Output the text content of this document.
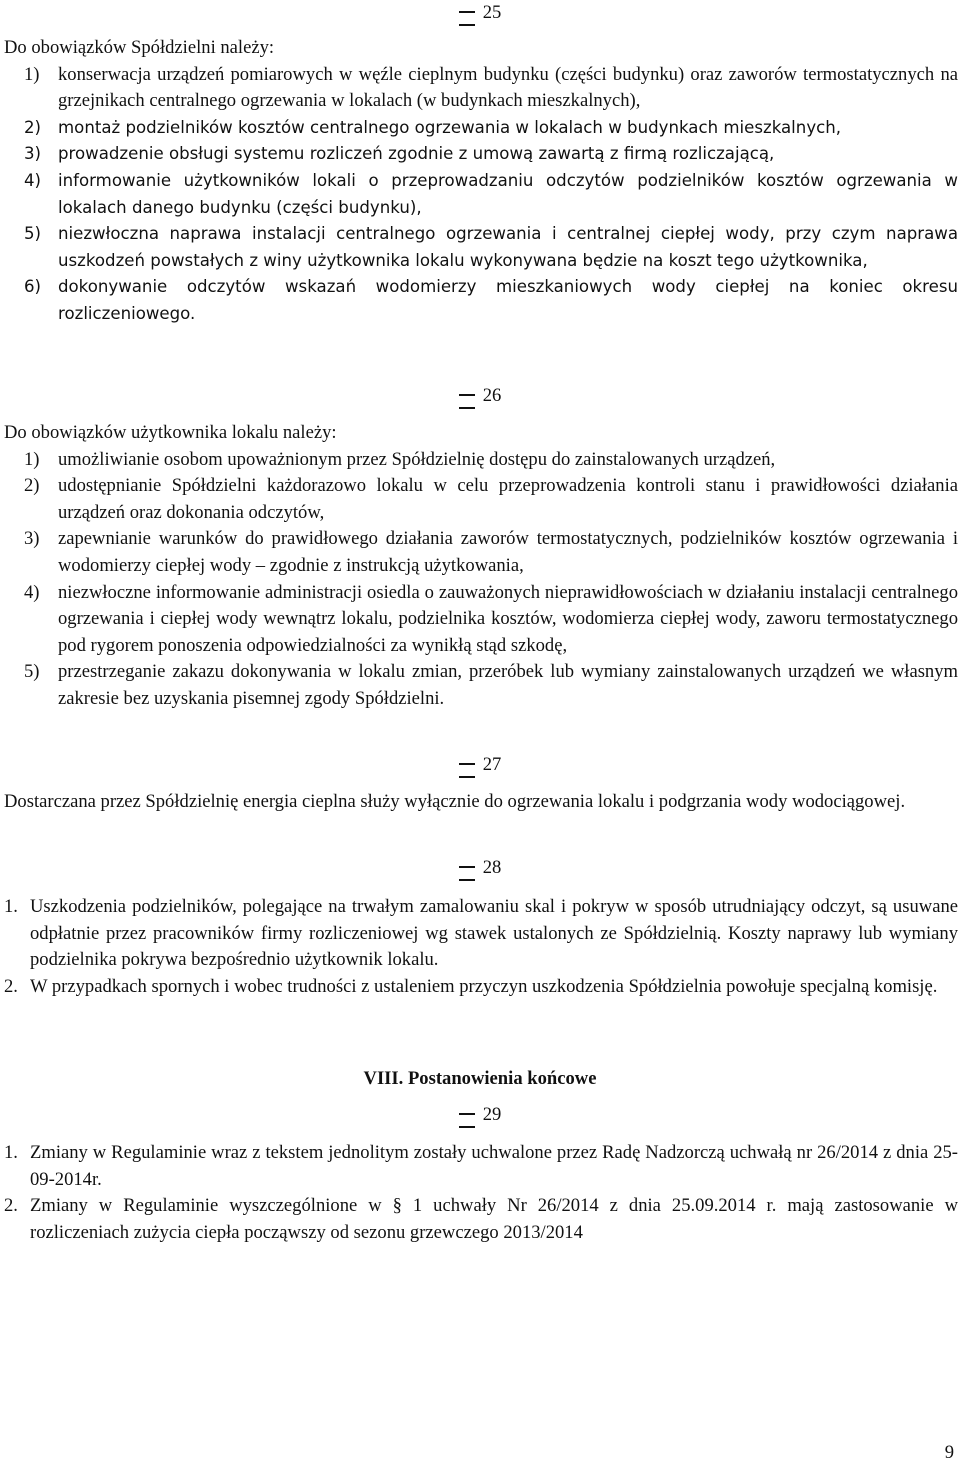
25

Do obowiązków Spółdzielni należy:

1) konserwacja urządzeń pomiarowych w węźle cieplnym budynku (części budynku) oraz zaworów termostatycznych na grzejnikach centralnego ogrzewania w lokalach (w budynkach mieszkalnych),
2) montaż podzielników kosztów centralnego ogrzewania w lokalach w budynkach mieszkalnych,
3) prowadzenie obsługi systemu rozliczeń zgodnie z umową zawartą z firmą rozliczającą,
4) informowanie użytkowników lokali o przeprowadzaniu odczytów podzielników kosztów ogrzewania w lokalach danego budynku (części budynku),
5) niezwłoczna naprawa instalacji centralnego ogrzewania i centralnej ciepłej wody, przy czym naprawa uszkodzeń powstałych z winy użytkownika lokalu wykonywana będzie na koszt tego użytkownika,
6) dokonywanie odczytów wskazań wodomierzy mieszkaniowych wody ciepłej na koniec okresu rozliczeniowego.
26

Do obowiązków użytkownika lokalu należy:

1) umożliwianie osobom upoważnionym przez Spółdzielnię dostępu do zainstalowanych urządzeń,
2) udostępnianie Spółdzielni każdorazowo lokalu w celu przeprowadzenia kontroli stanu i prawidłowości działania urządzeń oraz dokonania odczytów,
3) zapewnianie warunków do prawidłowego działania zaworów termostatycznych, podzielników kosztów ogrzewania i wodomierzy ciepłej wody – zgodnie z instrukcją użytkowania,
4) niezwłoczne informowanie administracji osiedla o zauważonych nieprawidłowościach w działaniu instalacji centralnego ogrzewania i ciepłej wody wewnątrz lokalu, podzielnika kosztów, wodomierza ciepłej wody, zaworu termostatycznego pod rygorem ponoszenia odpowiedzialności za wynikłą stąd szkodę,
5) przestrzeganie zakazu dokonywania w lokalu zmian, przeróbek lub wymiany zainstalowanych urządzeń we własnym zakresie bez uzyskania pisemnej zgody Spółdzielni.
27

Dostarczana przez Spółdzielnię energia cieplna służy wyłącznie do ogrzewania lokalu i podgrzania wody wodociągowej.

28
1. Uszkodzenia podzielników, polegające na trwałym zamalowaniu skal i pokryw w sposób utrudniający odczyt, są usuwane odpłatnie przez pracowników firmy rozliczeniowej wg stawek ustalonych ze Spółdzielnią. Koszty naprawy lub wymiany podzielnika pokrywa bezpośrednio użytkownik lokalu.
2. W przypadkach spornych i wobec trudności z ustaleniem przyczyn uszkodzenia Spółdzielnia powołuje specjalną komisję.
VIII. Postanowienia końcowe
29
1. Zmiany w Regulaminie wraz z tekstem jednolitym zostały uchwalone przez Radę Nadzorczą uchwałą nr 26/2014 z dnia 25-09-2014r.
2. Zmiany w Regulaminie wyszczególnione w § 1 uchwały Nr 26/2014 z dnia 25.09.2014 r. mają zastosowanie w rozliczeniach zużycia ciepła począwszy od sezonu grzewczego 2013/2014
9
